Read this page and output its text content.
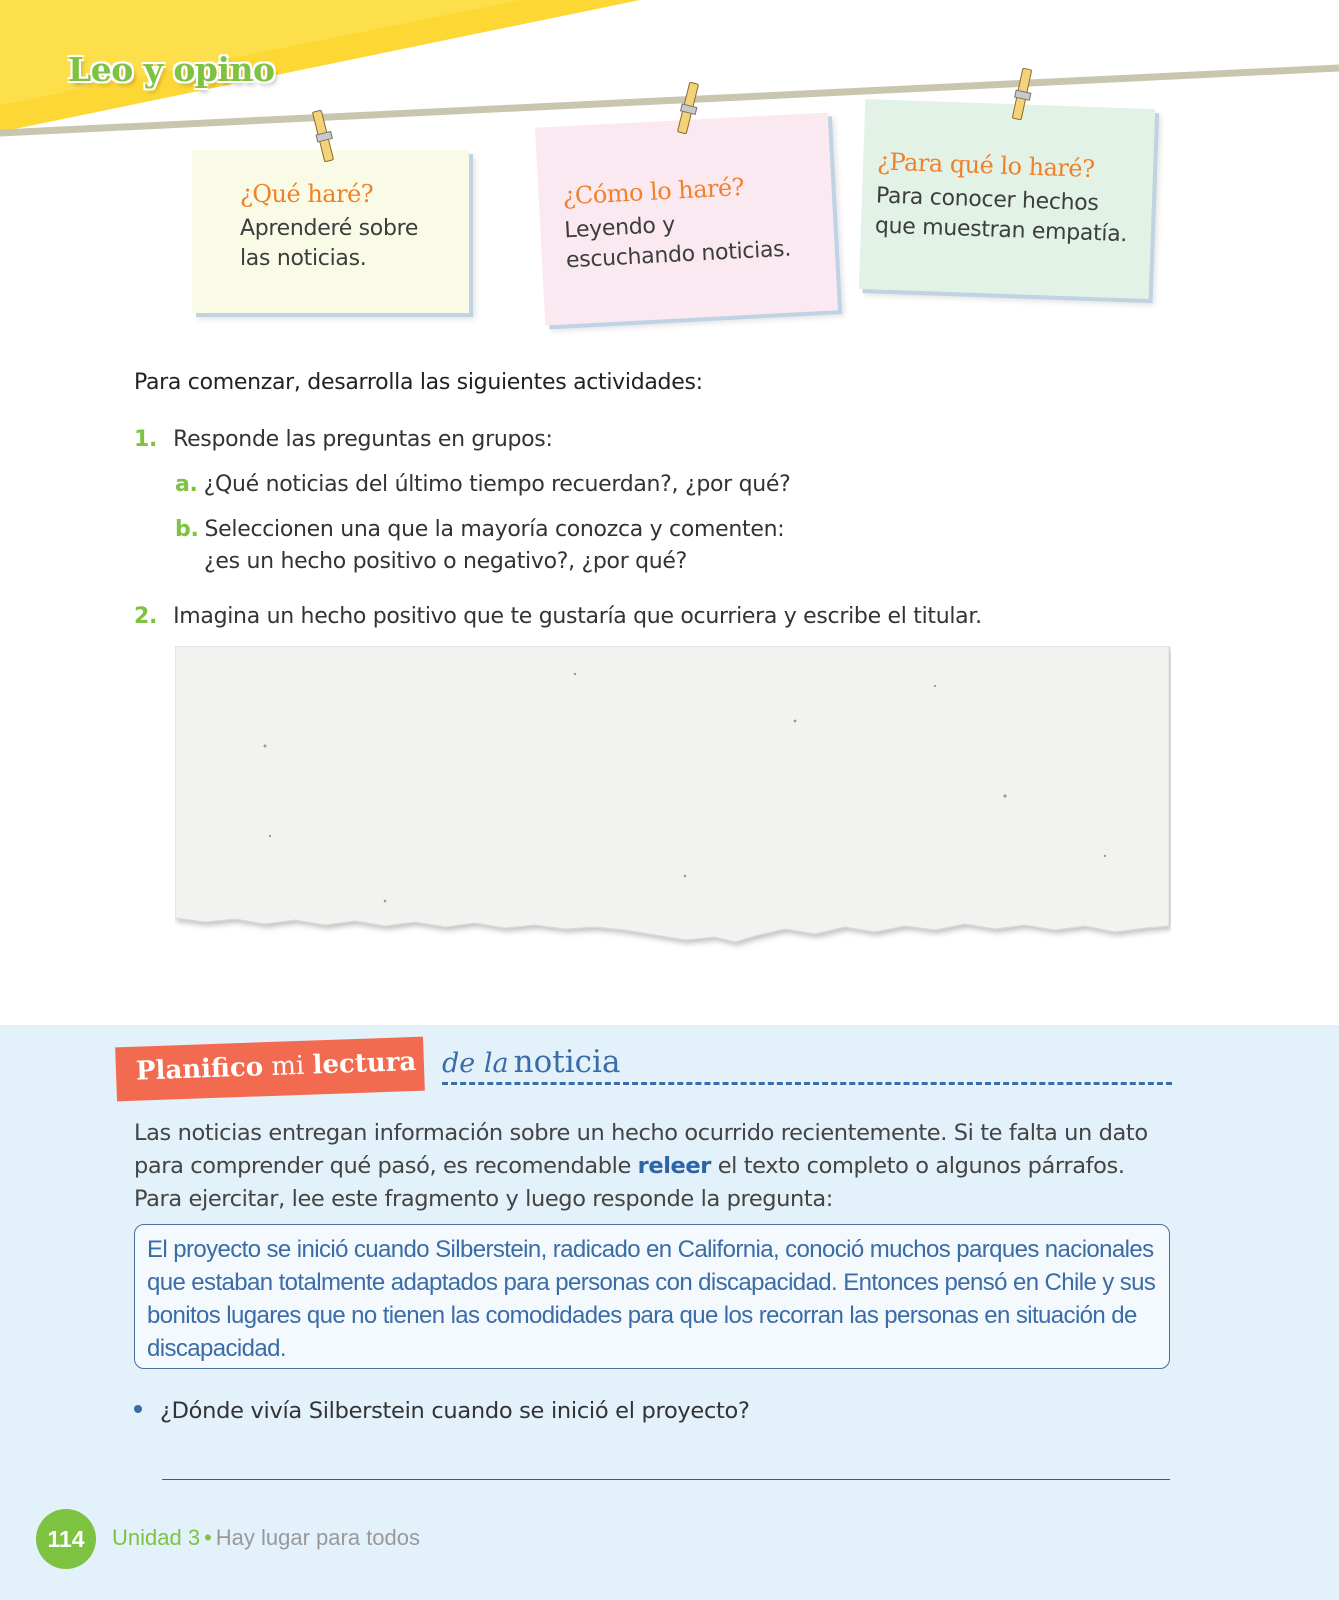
Leo y opino
¿Qué haré?
Aprenderé sobre
las noticias.
¿Cómo lo haré?
Leyendo y
escuchando noticias.
¿Para qué lo haré?
Para conocer hechos
que muestran empatía.
Para comenzar, desarrolla las siguientes actividades:
1. Responde las preguntas en grupos:
a. ¿Qué noticias del último tiempo recuerdan?, ¿por qué?
b. Seleccionen una que la mayoría conozca y comenten:
¿es un hecho positivo o negativo?, ¿por qué?
2. Imagina un hecho positivo que te gustaría que ocurriera y escribe el titular.
Planifico mi lectura de la noticia
Las noticias entregan información sobre un hecho ocurrido recientemente. Si te falta un dato para comprender qué pasó, es recomendable releer el texto completo o algunos párrafos. Para ejercitar, lee este fragmento y luego responde la pregunta:
El proyecto se inició cuando Silberstein, radicado en California, conoció muchos parques nacionales que estaban totalmente adaptados para personas con discapacidad. Entonces pensó en Chile y sus bonitos lugares que no tienen las comodidades para que los recorran las personas en situación de discapacidad.
¿Dónde vivía Silberstein cuando se inició el proyecto?
114	Unidad 3 • Hay lugar para todos
